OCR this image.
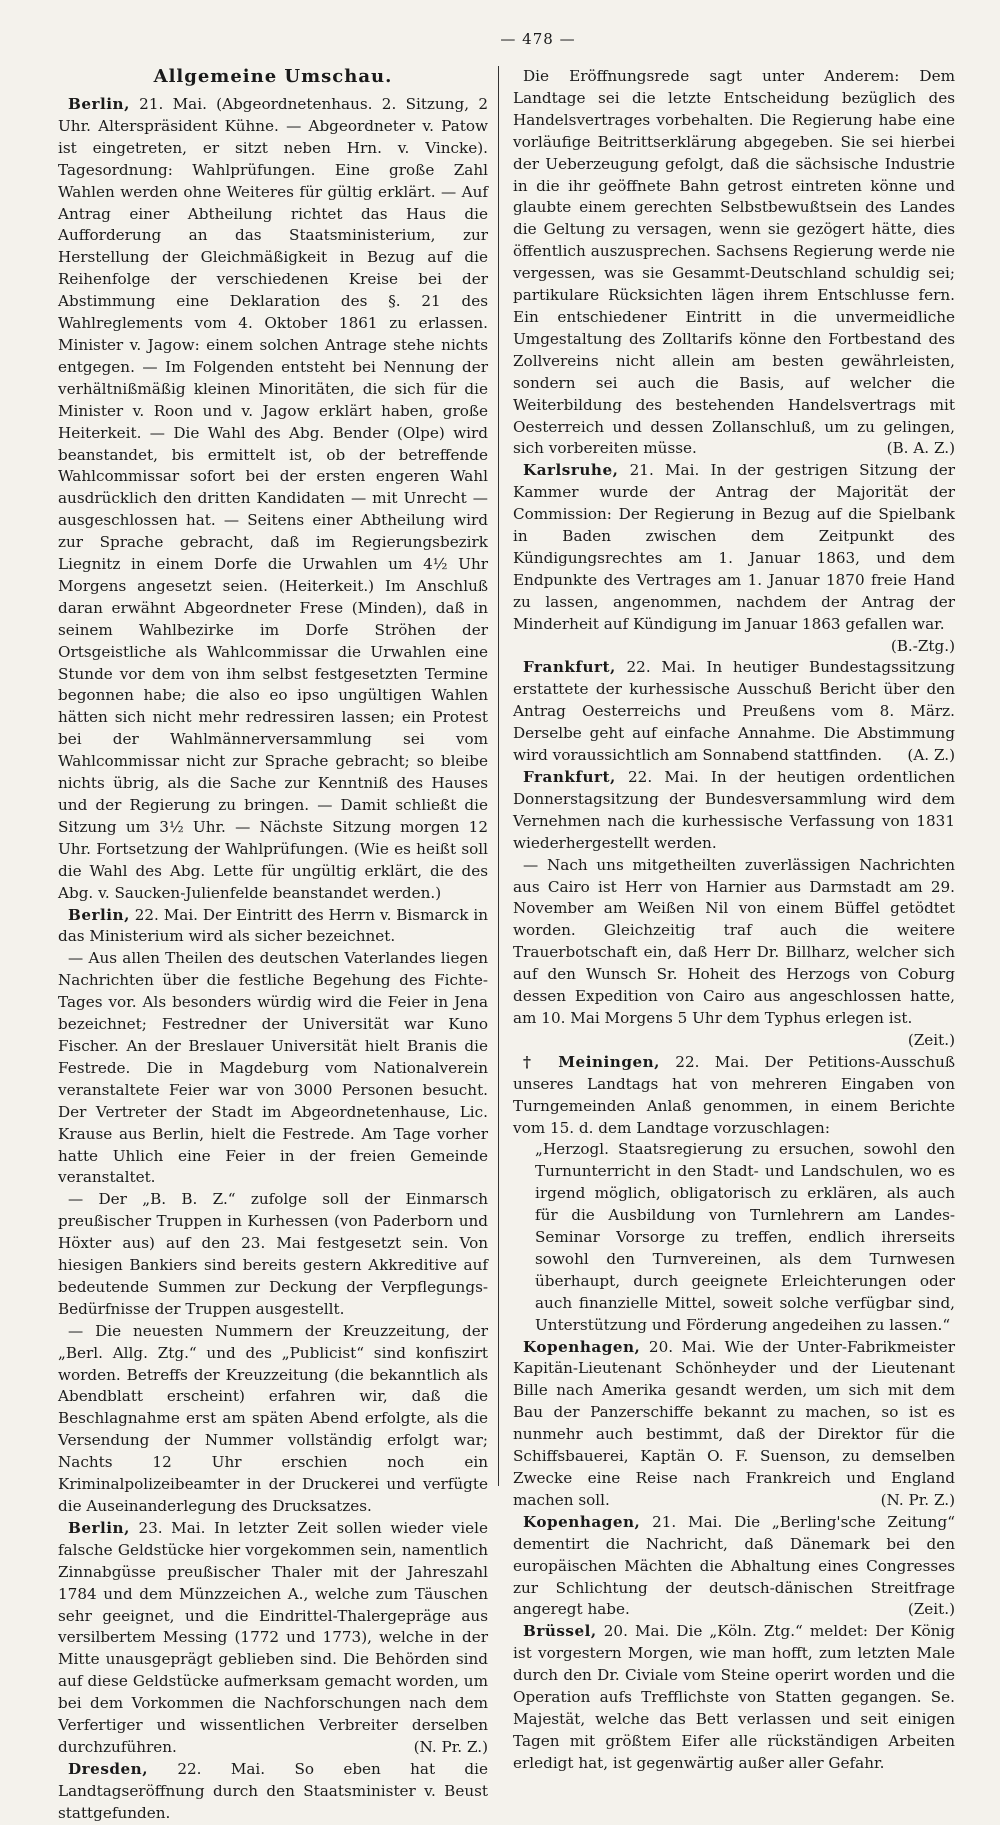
— 478 —
Allgemeine Umschau.

Berlin, 21. Mai. (Abgeordnetenhaus. 2. Sitzung, 2 Uhr. Alterspräsident Kühne. — Abgeordneter v. Patow ist eingetreten, er sitzt neben Hrn. v. Vincke). Tagesordnung: Wahlprüfungen. Eine große Zahl Wahlen werden ohne Weiteres für gültig erklärt. — Auf Antrag einer Abtheilung richtet das Haus die Aufforderung an das Staatsministerium, zur Herstellung der Gleichmäßigkeit in Bezug auf die Reihenfolge der verschiedenen Kreise bei der Abstimmung eine Deklaration des §. 21 des Wahlreglements vom 4. Oktober 1861 zu erlassen. Minister v. Jagow: einem solchen Antrage stehe nichts entgegen. — Im Folgenden entsteht bei Nennung der verhältnißmäßig kleinen Minoritäten, die sich für die Minister v. Roon und v. Jagow erklärt haben, große Heiterkeit. — Die Wahl des Abg. Bender (Olpe) wird beanstandet, bis ermittelt ist, ob der betreffende Wahlcommissar sofort bei der ersten engeren Wahl ausdrücklich den dritten Kandidaten — mit Unrecht — ausgeschlossen hat. — Seitens einer Abtheilung wird zur Sprache gebracht, daß im Regierungsbezirk Liegnitz in einem Dorfe die Urwahlen um 4½ Uhr Morgens angesetzt seien. (Heiterkeit.) Im Anschluß daran erwähnt Abgeordneter Frese (Minden), daß in seinem Wahlbezirke im Dorfe Ströhen der Ortsgeistliche als Wahlcommissar die Urwahlen eine Stunde vor dem von ihm selbst festgesetzten Termine begonnen habe; die also eo ipso ungültigen Wahlen hätten sich nicht mehr redressiren lassen; ein Protest bei der Wahlmännerversammlung sei vom Wahlcommissar nicht zur Sprache gebracht; so bleibe nichts übrig, als die Sache zur Kenntniß des Hauses und der Regierung zu bringen. — Damit schließt die Sitzung um 3½ Uhr. — Nächste Sitzung morgen 12 Uhr. Fortsetzung der Wahlprüfungen. (Wie es heißt soll die Wahl des Abg. Lette für ungültig erklärt, die des Abg. v. Saucken-Julienfelde beanstandet werden.)

Berlin, 22. Mai. Der Eintritt des Herrn v. Bismarck in das Ministerium wird als sicher bezeichnet.

— Aus allen Theilen des deutschen Vaterlandes liegen Nachrichten über die festliche Begehung des Fichte-Tages vor. Als besonders würdig wird die Feier in Jena bezeichnet; Festredner der Universität war Kuno Fischer. An der Breslauer Universität hielt Branis die Festrede. Die in Magdeburg vom Nationalverein veranstaltete Feier war von 3000 Personen besucht. Der Vertreter der Stadt im Abgeordnetenhause, Lic. Krause aus Berlin, hielt die Festrede. Am Tage vorher hatte Uhlich eine Feier in der freien Gemeinde veranstaltet.

— Der „B. B. Z.“ zufolge soll der Einmarsch preußischer Truppen in Kurhessen (von Paderborn und Höxter aus) auf den 23. Mai festgesetzt sein. Von hiesigen Bankiers sind bereits gestern Akkreditive auf bedeutende Summen zur Deckung der Verpflegungs-Bedürfnisse der Truppen ausgestellt.

— Die neuesten Nummern der Kreuzzeitung, der „Berl. Allg. Ztg.“ und des „Publicist“ sind konfiszirt worden. Betreffs der Kreuzzeitung (die bekanntlich als Abendblatt erscheint) erfahren wir, daß die Beschlagnahme erst am späten Abend erfolgte, als die Versendung der Nummer vollständig erfolgt war; Nachts 12 Uhr erschien noch ein Kriminalpolizeibeamter in der Druckerei und verfügte die Auseinanderlegung des Drucksatzes.

Berlin, 23. Mai. In letzter Zeit sollen wieder viele falsche Geldstücke hier vorgekommen sein, namentlich Zinnabgüsse preußischer Thaler mit der Jahreszahl 1784 und dem Münzzeichen A., welche zum Täuschen sehr geeignet, und die Eindrittel-Thalergepräge aus versilbertem Messing (1772 und 1773), welche in der Mitte unausgeprägt geblieben sind. Die Behörden sind auf diese Geldstücke aufmerksam gemacht worden, um bei dem Vorkommen die Nachforschungen nach dem Verfertiger und wissentlichen Verbreiter derselben durchzuführen.	(N. Pr. Z.)

Dresden, 22. Mai. So eben hat die Landtagseröffnung durch den Staatsminister v. Beust stattgefunden.

Die Eröffnungsrede sagt unter Anderem: Dem Landtage sei die letzte Entscheidung bezüglich des Handelsvertrages vorbehalten. Die Regierung habe eine vorläufige Beitrittserklärung abgegeben. Sie sei hierbei der Ueberzeugung gefolgt, daß die sächsische Industrie in die ihr geöffnete Bahn getrost eintreten könne und glaubte einem gerechten Selbstbewußtsein des Landes die Geltung zu versagen, wenn sie gezögert hätte, dies öffentlich auszusprechen. Sachsens Regierung werde nie vergessen, was sie Gesammt-Deutschland schuldig sei; partikulare Rücksichten lägen ihrem Entschlusse fern. Ein entschiedener Eintritt in die unvermeidliche Umgestaltung des Zolltarifs könne den Fortbestand des Zollvereins nicht allein am besten gewährleisten, sondern sei auch die Basis, auf welcher die Weiterbildung des bestehenden Handelsvertrags mit Oesterreich und dessen Zollanschluß, um zu gelingen, sich vorbereiten müsse.	(B. A. Z.)

Karlsruhe, 21. Mai. In der gestrigen Sitzung der Kammer wurde der Antrag der Majorität der Commission: Der Regierung in Bezug auf die Spielbank in Baden zwischen dem Zeitpunkt des Kündigungsrechtes am 1. Januar 1863, und dem Endpunkte des Vertrages am 1. Januar 1870 freie Hand zu lassen, angenommen, nachdem der Antrag der Minderheit auf Kündigung im Januar 1863 gefallen war.
(B.-Ztg.)

Frankfurt, 22. Mai. In heutiger Bundestagssitzung erstattete der kurhessische Ausschuß Bericht über den Antrag Oesterreichs und Preußens vom 8. März. Derselbe geht auf einfache Annahme. Die Abstimmung wird voraussichtlich am Sonnabend stattfinden.	(A. Z.)

Frankfurt, 22. Mai. In der heutigen ordentlichen Donnerstagsitzung der Bundesversammlung wird dem Vernehmen nach die kurhessische Verfassung von 1831 wiederhergestellt werden.

— Nach uns mitgetheilten zuverlässigen Nachrichten aus Cairo ist Herr von Harnier aus Darmstadt am 29. November am Weißen Nil von einem Büffel getödtet worden. Gleichzeitig traf auch die weitere Trauerbotschaft ein, daß Herr Dr. Billharz, welcher sich auf den Wunsch Sr. Hoheit des Herzogs von Coburg dessen Expedition von Cairo aus angeschlossen hatte, am 10. Mai Morgens 5 Uhr dem Typhus erlegen ist.
(Zeit.)

† Meiningen, 22. Mai. Der Petitions-Ausschuß unseres Landtags hat von mehreren Eingaben von Turngemeinden Anlaß genommen, in einem Berichte vom 15. d. dem Landtage vorzuschlagen:

„Herzogl. Staatsregierung zu ersuchen, sowohl den Turnunterricht in den Stadt- und Landschulen, wo es irgend möglich, obligatorisch zu erklären, als auch für die Ausbildung von Turnlehrern am Landes-Seminar Vorsorge zu treffen, endlich ihrerseits sowohl den Turnvereinen, als dem Turnwesen überhaupt, durch geeignete Erleichterungen oder auch finanzielle Mittel, soweit solche verfügbar sind, Unterstützung und Förderung angedeihen zu lassen.“

Kopenhagen, 20. Mai. Wie der Unter-Fabrikmeister Kapitän-Lieutenant Schönheyder und der Lieutenant Bille nach Amerika gesandt werden, um sich mit dem Bau der Panzerschiffe bekannt zu machen, so ist es nunmehr auch bestimmt, daß der Direktor für die Schiffsbauerei, Kaptän O. F. Suenson, zu demselben Zwecke eine Reise nach Frankreich und England machen soll.	(N. Pr. Z.)

Kopenhagen, 21. Mai. Die „Berling'sche Zeitung“ dementirt die Nachricht, daß Dänemark bei den europäischen Mächten die Abhaltung eines Congresses zur Schlichtung der deutsch-dänischen Streitfrage angeregt habe.	(Zeit.)

Brüssel, 20. Mai. Die „Köln. Ztg.“ meldet: Der König ist vorgestern Morgen, wie man hofft, zum letzten Male durch den Dr. Civiale vom Steine operirt worden und die Operation aufs Trefflichste von Statten gegangen. Se. Majestät, welche das Bett verlassen und seit einigen Tagen mit größtem Eifer alle rückständigen Arbeiten erledigt hat, ist gegenwärtig außer aller Gefahr.
